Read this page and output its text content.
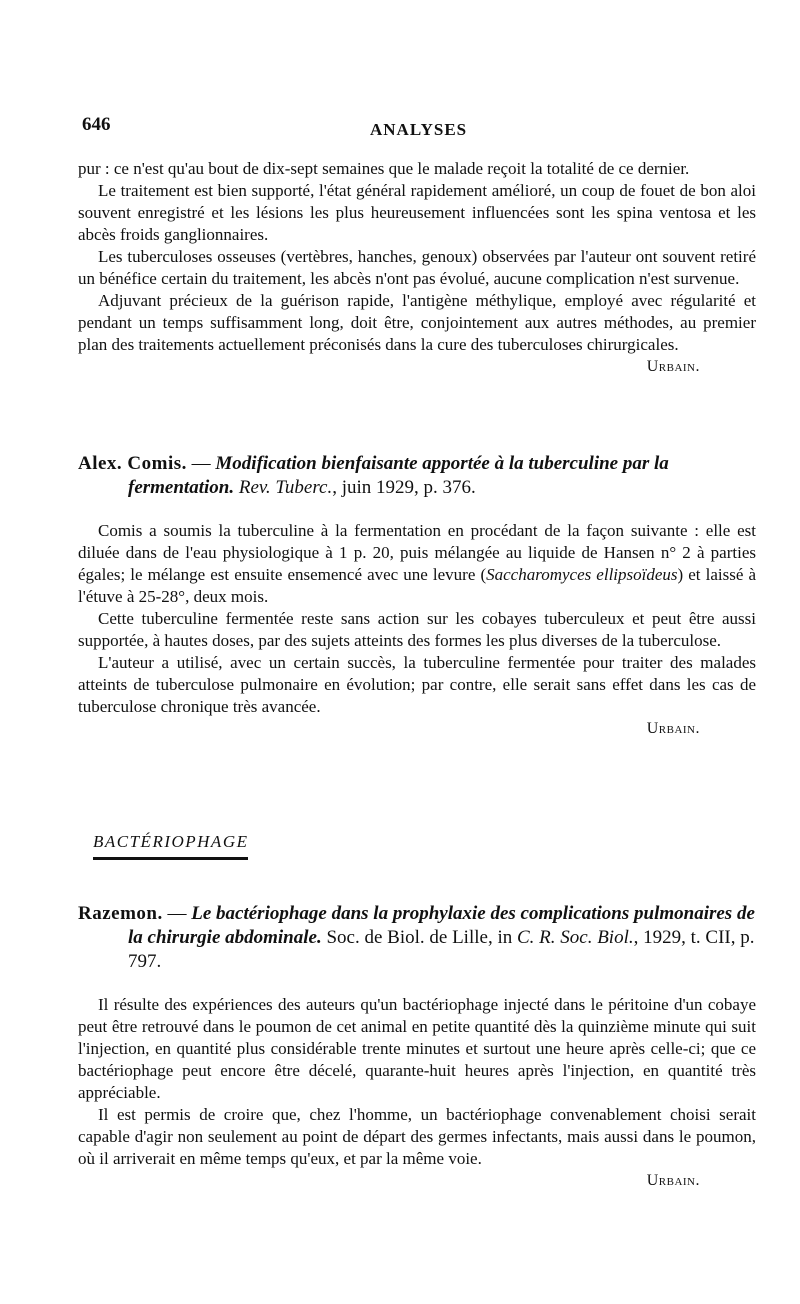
646	ANALYSES

pur : ce n'est qu'au bout de dix-sept semaines que le malade reçoit la totalité de ce dernier.

Le traitement est bien supporté, l'état général rapidement amélioré, un coup de fouet de bon aloi souvent enregistré et les lésions les plus heureusement influencées sont les spina ventosa et les abcès froids ganglionnaires.

Les tuberculoses osseuses (vertèbres, hanches, genoux) observées par l'auteur ont souvent retiré un bénéfice certain du traitement, les abcès n'ont pas évolué, aucune complication n'est survenue.

Adjuvant précieux de la guérison rapide, l'antigène méthylique, employé avec régularité et pendant un temps suffisamment long, doit être, conjointement aux autres méthodes, au premier plan des traitements actuellement préconisés dans la cure des tuberculoses chirurgicales.

Urbain.

Alex. Comis. — Modification bienfaisante apportée à la tuberculine par la fermentation. Rev. Tuberc., juin 1929, p. 376.

Comis a soumis la tuberculine à la fermentation en procédant de la façon suivante : elle est diluée dans de l'eau physiologique à 1 p. 20, puis mélangée au liquide de Hansen n° 2 à parties égales; le mélange est ensuite ensemencé avec une levure (Saccharomyces ellipsoïdeus) et laissé à l'étuve à 25-28°, deux mois.

Cette tuberculine fermentée reste sans action sur les cobayes tuberculeux et peut être aussi supportée, à hautes doses, par des sujets atteints des formes les plus diverses de la tuberculose.

L'auteur a utilisé, avec un certain succès, la tuberculine fermentée pour traiter des malades atteints de tuberculose pulmonaire en évolution; par contre, elle serait sans effet dans les cas de tuberculose chronique très avancée.

Urbain.
BACTÉRIOPHAGE

Razemon. — Le bactériophage dans la prophylaxie des complications pulmonaires de la chirurgie abdominale. Soc. de Biol. de Lille, in C. R. Soc. Biol., 1929, t. CII, p. 797.

Il résulte des expériences des auteurs qu'un bactériophage injecté dans le péritoine d'un cobaye peut être retrouvé dans le poumon de cet animal en petite quantité dès la quinzième minute qui suit l'injection, en quantité plus considérable trente minutes et surtout une heure après celle-ci; que ce bactériophage peut encore être décelé, quarante-huit heures après l'injection, en quantité très appréciable.

Il est permis de croire que, chez l'homme, un bactériophage convenablement choisi serait capable d'agir non seulement au point de départ des germes infectants, mais aussi dans le poumon, où il arriverait en même temps qu'eux, et par la même voie.

Urbain.
